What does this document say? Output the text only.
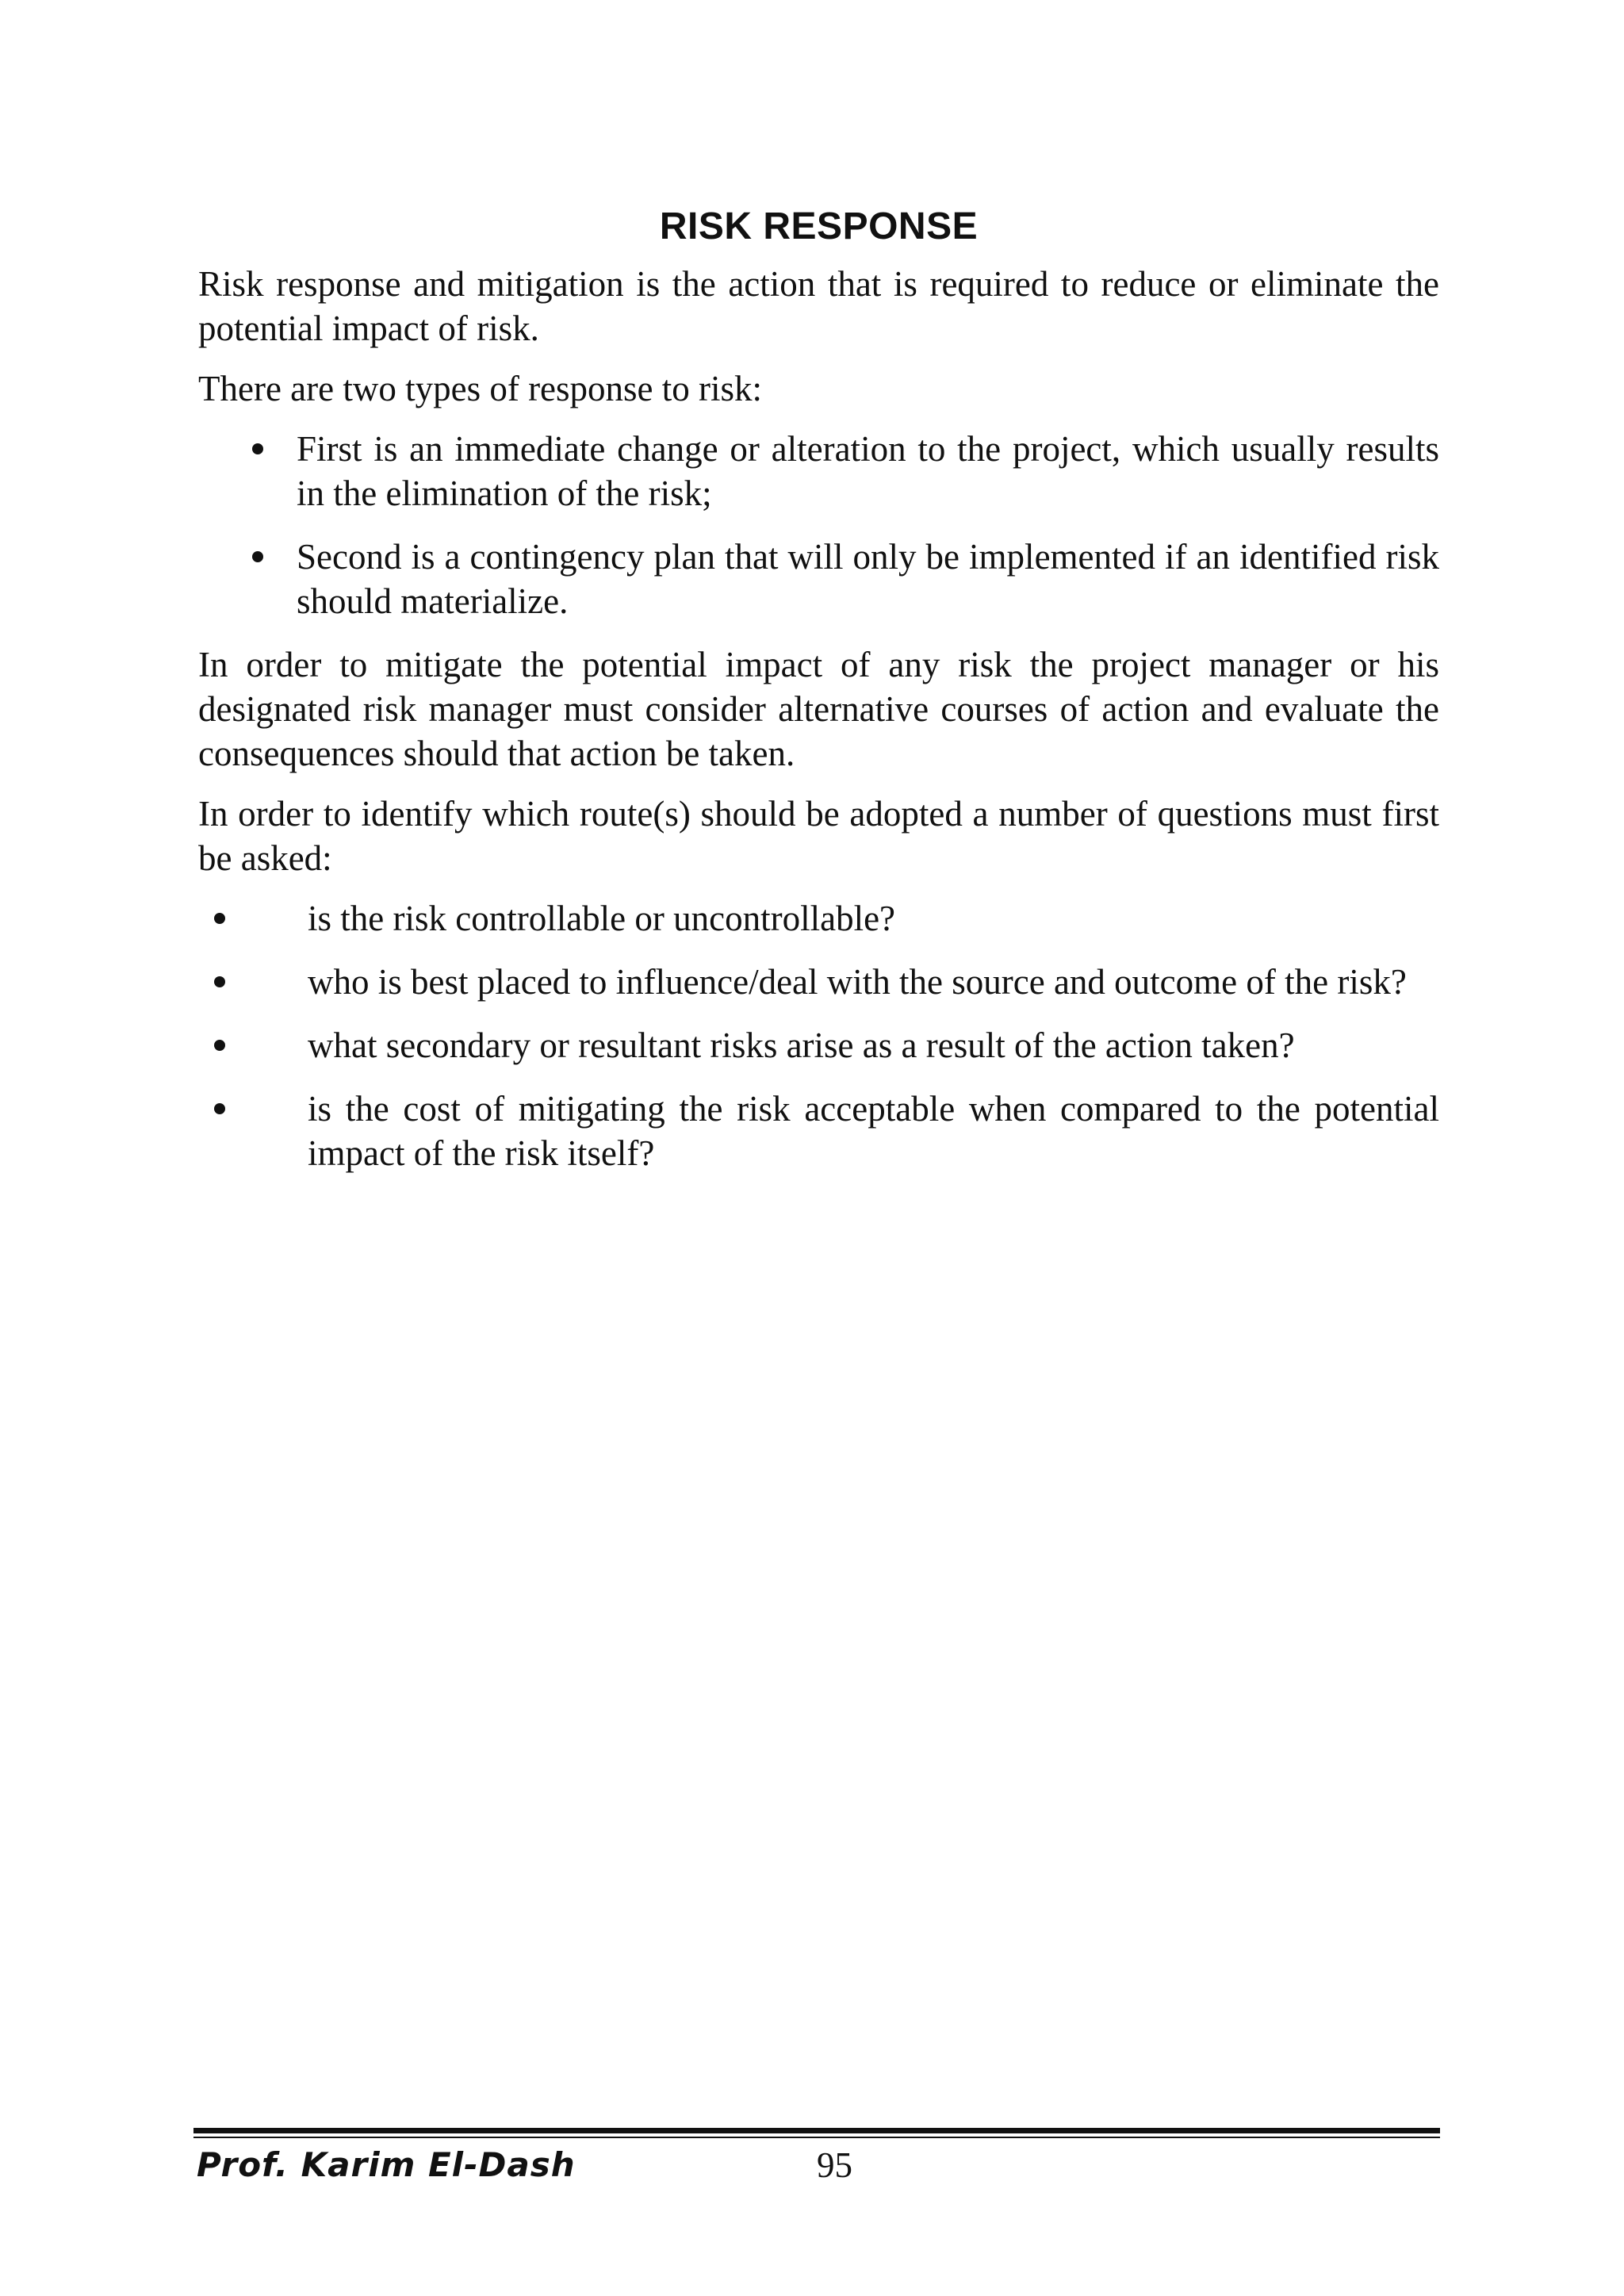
RISK RESPONSE

Risk response and mitigation is the action that is required to reduce or eliminate the potential impact of risk.

There are two types of response to risk:

First is an immediate change or alteration to the project, which usually results in the elimination of the risk;
Second is a contingency plan that will only be implemented if an identified risk should materialize.

In order to mitigate the potential impact of any risk the project manager or his designated risk manager must consider alternative courses of action and evaluate the consequences should that action be taken.

In order to identify which route(s) should be adopted a number of questions must first be asked:

is the risk controllable or uncontrollable?
who is best placed to influence/deal with the source and outcome of the risk?
what secondary or resultant risks arise as a result of the action taken?
is the cost of mitigating the risk acceptable when compared to the potential impact of the risk itself?
Prof. Karim El-Dash	95
